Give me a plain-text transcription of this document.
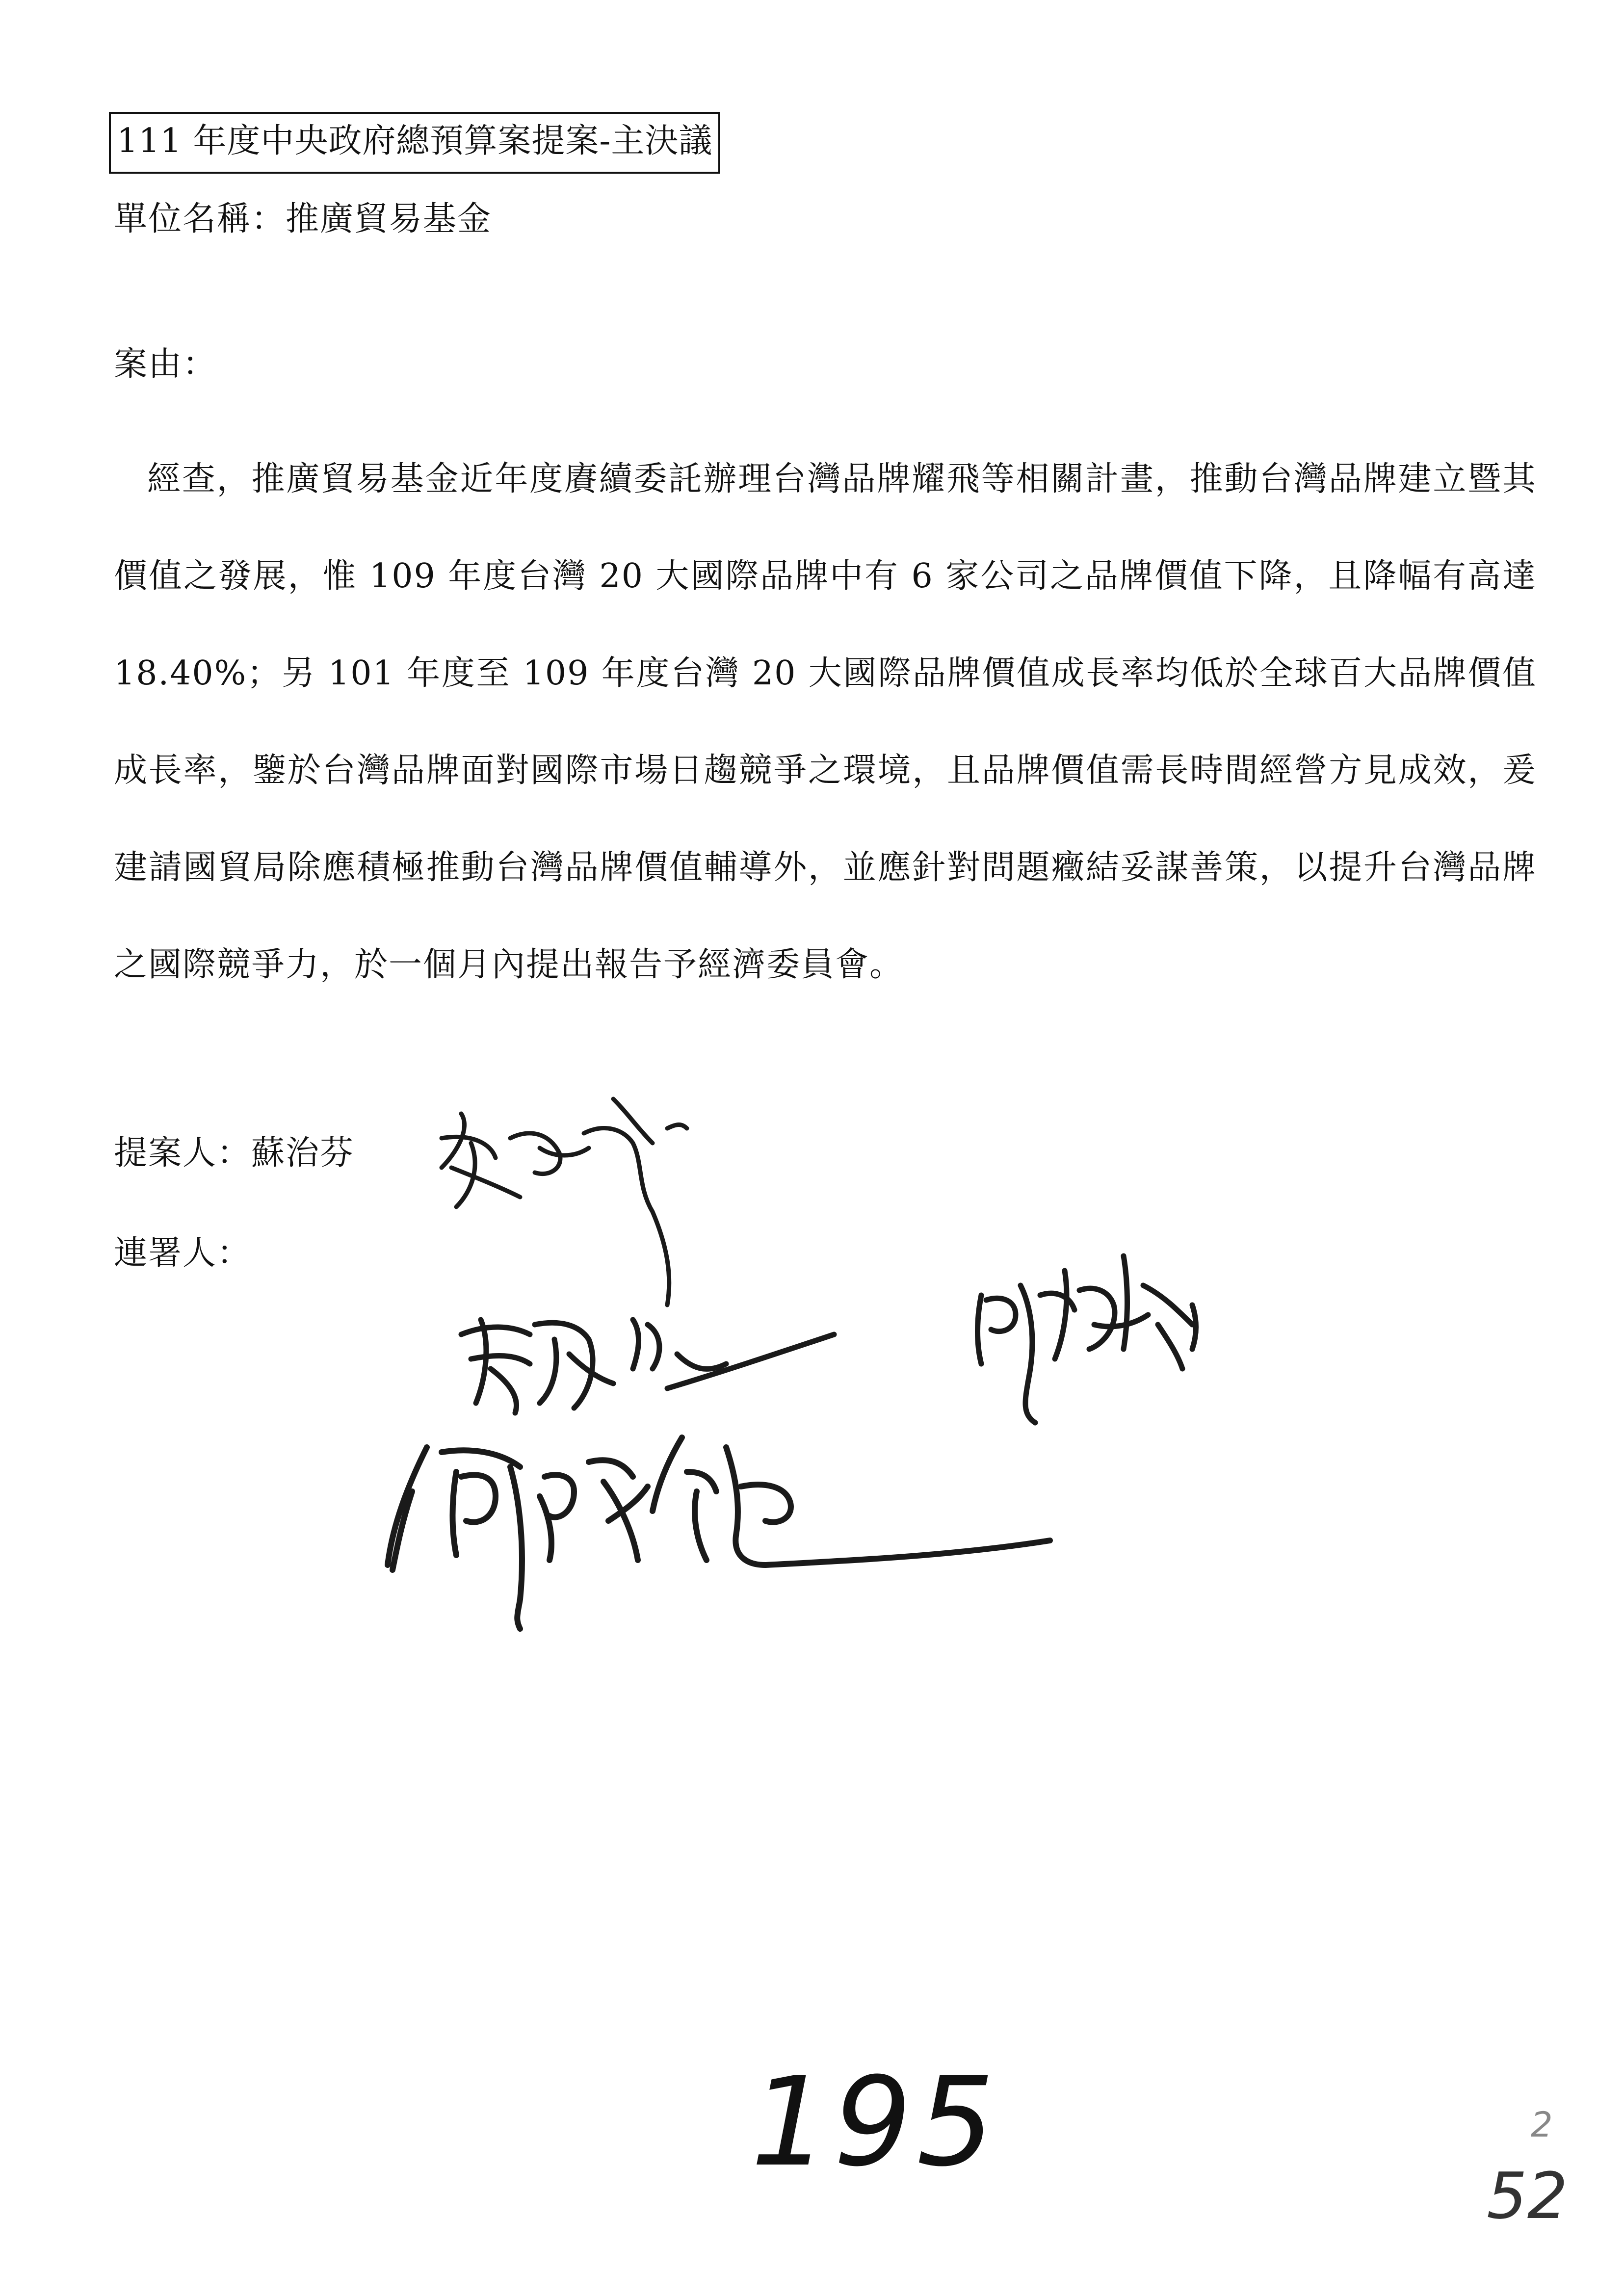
111 年度中央政府總預算案提案-主決議
單位名稱：推廣貿易基金
案由：

經查，推廣貿易基金近年度賡續委託辦理台灣品牌耀飛等相關計畫，推動台灣品牌建立暨其價值之發展，惟 109 年度台灣 20 大國際品牌中有 6 家公司之品牌價值下降，且降幅有高達 18.40%；另 101 年度至 109 年度台灣 20 大國際品牌價值成長率均低於全球百大品牌價值成長率，鑒於台灣品牌面對國際市場日趨競爭之環境，且品牌價值需長時間經營方見成效，爰建請國貿局除應積極推動台灣品牌價值輔導外，並應針對問題癥結妥謀善策，以提升台灣品牌之國際競爭力，於一個月內提出報告予經濟委員會。

提案人：蘇治芬
連署人：
195	2
52
